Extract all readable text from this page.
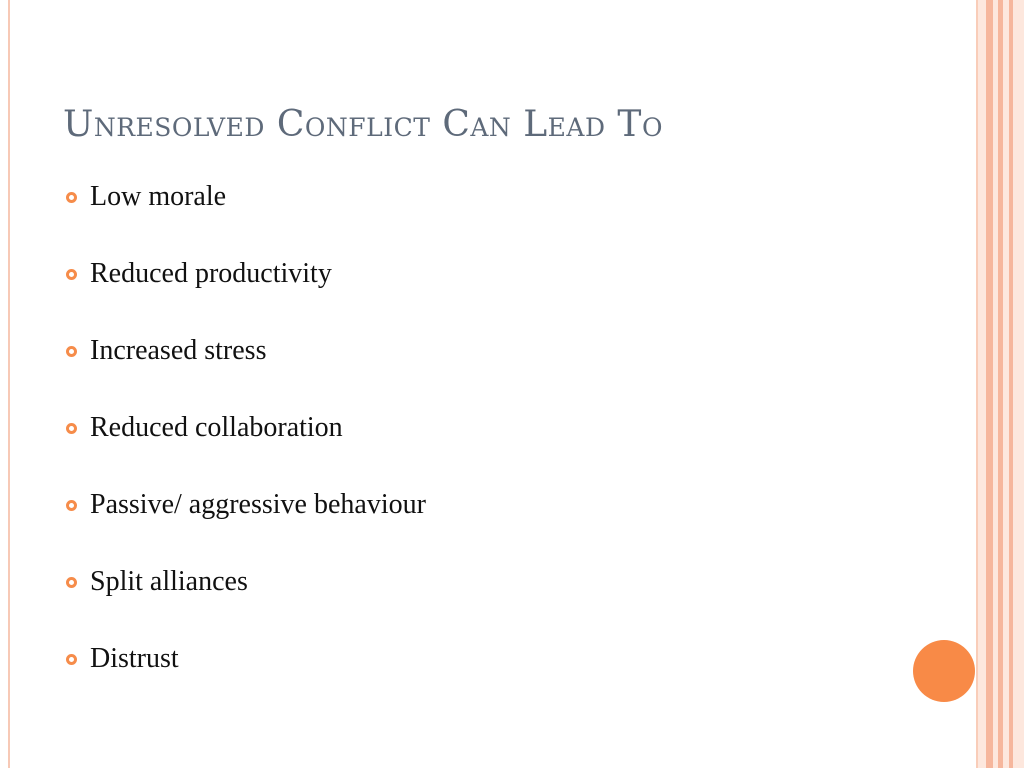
Unresolved Conflict Can Lead To
Low morale
Reduced productivity
Increased stress
Reduced collaboration
Passive/ aggressive behaviour
Split alliances
Distrust
